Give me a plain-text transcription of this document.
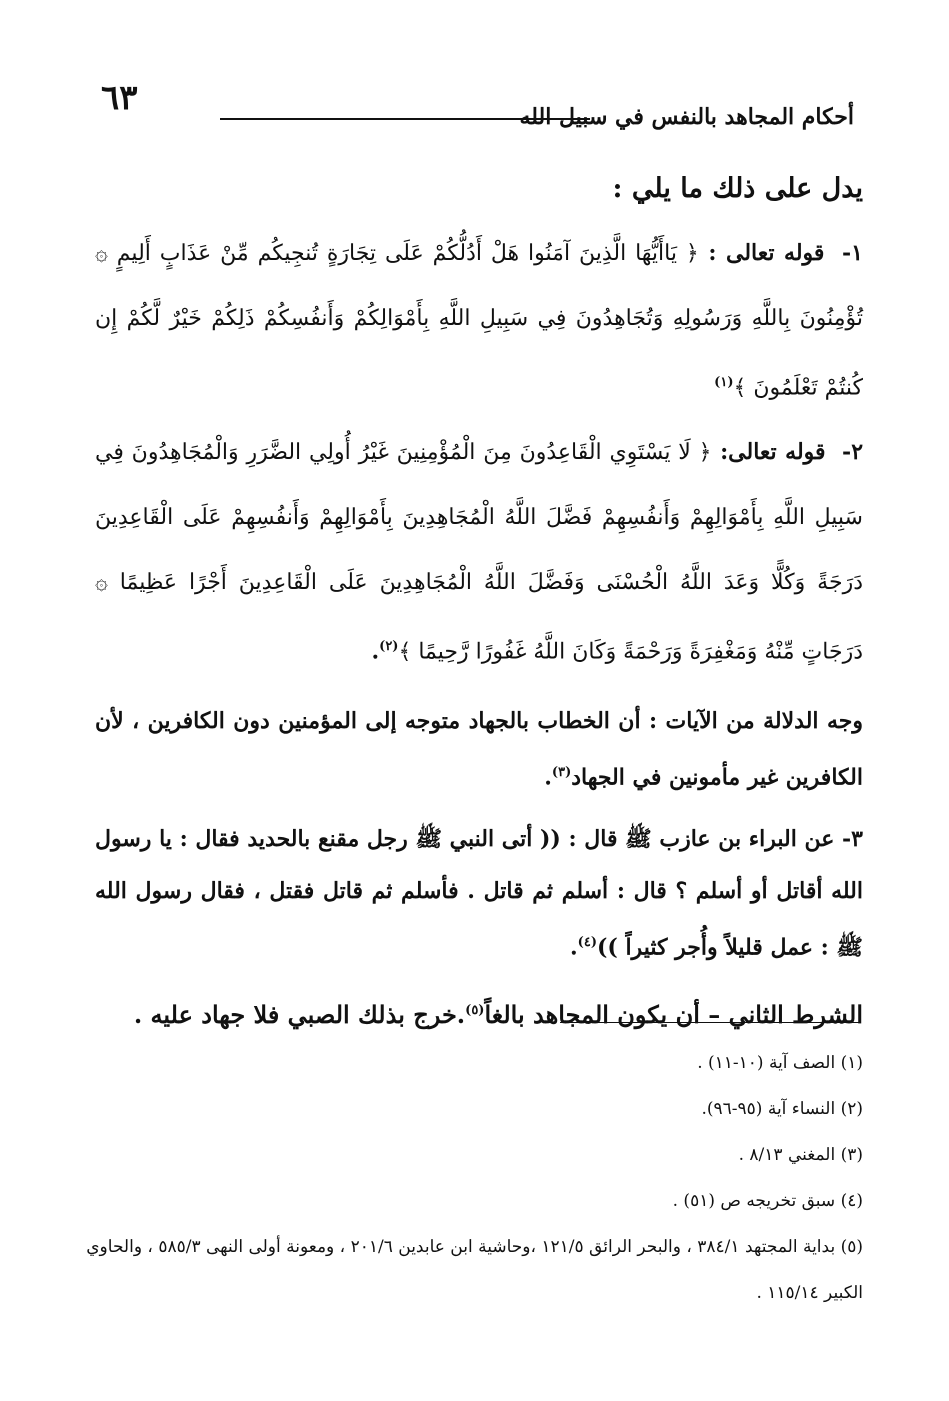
٦٣	أحكام المجاهد بالنفس في سبيل الله

يدل على ذلك ما يلي :

١- قوله تعالى : ﴿ يَاأَيُّهَا الَّذِينَ آمَنُوا هَلْ أَدُلُّكُمْ عَلَى تِجَارَةٍ تُنجِيكُم مِّنْ عَذَابٍ أَلِيمٍ ۞ تُؤْمِنُونَ بِاللَّهِ وَرَسُولِهِ وَتُجَاهِدُونَ فِي سَبِيلِ اللَّهِ بِأَمْوَالِكُمْ وَأَنفُسِكُمْ ذَلِكُمْ خَيْرٌ لَّكُمْ إِن كُنتُمْ تَعْلَمُونَ ﴾$^{(١)}$

٢- قوله تعالى: ﴿ لَا يَسْتَوِي الْقَاعِدُونَ مِنَ الْمُؤْمِنِينَ غَيْرُ أُولِي الضَّرَرِ وَالْمُجَاهِدُونَ فِي سَبِيلِ اللَّهِ بِأَمْوَالِهِمْ وَأَنفُسِهِمْ فَضَّلَ اللَّهُ الْمُجَاهِدِينَ بِأَمْوَالِهِمْ وَأَنفُسِهِمْ عَلَى الْقَاعِدِينَ دَرَجَةً وَكُلًّا وَعَدَ اللَّهُ الْحُسْنَى وَفَضَّلَ اللَّهُ الْمُجَاهِدِينَ عَلَى الْقَاعِدِينَ أَجْرًا عَظِيمًا ۞ دَرَجَاتٍ مِّنْهُ وَمَغْفِرَةً وَرَحْمَةً وَكَانَ اللَّهُ غَفُورًا رَّحِيمًا ﴾$^{(٢)}$.

وجه الدلالة من الآيات : أن الخطاب بالجهاد متوجه إلى المؤمنين دون الكافرين ، لأن الكافرين غير مأمونين في الجهاد$^{(٣)}$.

٣- عن البراء بن عازب ﷺ قال : (( أتى النبي ﷺ رجل مقنع بالحديد فقال : يا رسول الله أقاتل أو أسلم ؟ قال : أسلم ثم قاتل . فأسلم ثم قاتل فقتل ، فقال رسول الله ﷺ : عمل قليلاً وأُجر كثيراً ))$^{(٤)}$.

الشرط الثاني – أن يكون المجاهد بالغاً$^{(٥)}$.خرج بذلك الصبي فلا جهاد عليه .

(١) الصف آية (١٠-١١) .

(٢) النساء آية (٩٥-٩٦).

(٣) المغني ٨/١٣ .

(٤) سبق تخريجه ص (٥١) .

(٥) بداية المجتهد ٣٨٤/١ ، والبحر الرائق ١٢١/٥ ،وحاشية ابن عابدين ٢٠١/٦ ، ومعونة أولى النهى ٥٨٥/٣ ، والحاوي الكبير ١١٥/١٤ .
